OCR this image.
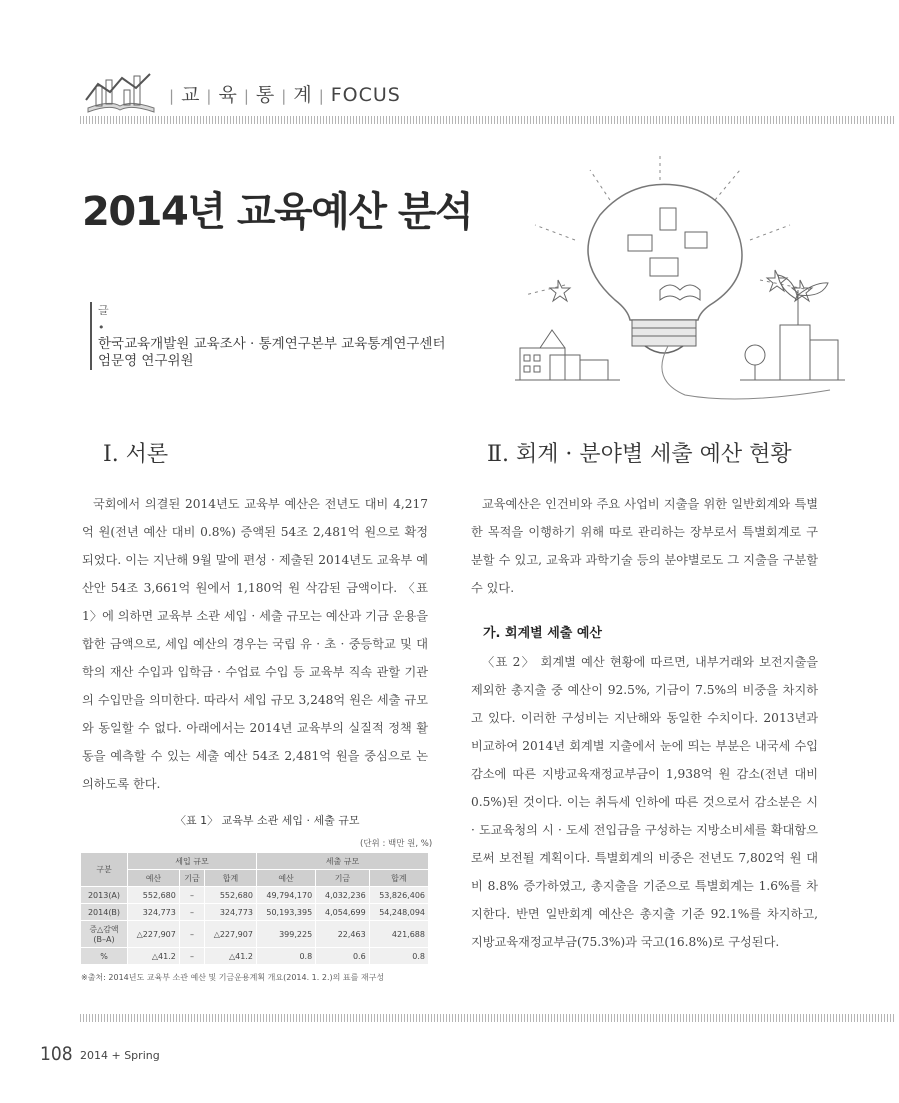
| 교 | 육 | 통 | 계 | FOCUS
2014년 교육예산 분석
글
•
한국교육개발원 교육조사 · 통계연구본부 교육통계연구센터
엄문영 연구위원
Ⅰ. 서론

국회에서 의결된 2014년도 교육부 예산은 전년도 대비 4,217억 원(전년 예산 대비 0.8%) 증액된 54조 2,481억 원으로 확정되었다. 이는 지난해 9월 말에 편성 · 제출된 2014년도 교육부 예산안 54조 3,661억 원에서 1,180억 원 삭감된 금액이다. 〈표 1〉에 의하면 교육부 소관 세입 · 세출 규모는 예산과 기금 운용을 합한 금액으로, 세입 예산의 경우는 국립 유 · 초 · 중등학교 및 대학의 재산 수입과 입학금 · 수업료 수입 등 교육부 직속 관할 기관의 수입만을 의미한다. 따라서 세입 규모 3,248억 원은 세출 규모와 동일할 수 없다. 아래에서는 2014년 교육부의 실질적 정책 활동을 예측할 수 있는 세출 예산 54조 2,481억 원을 중심으로 논의하도록 한다.

〈표 1〉 교육부 소관 세입 · 세출 규모
(단위 : 백만 원, %)
구분	세입 규모			세출 규모		
	예산	기금	합계	예산	기금	합계
2013(A)	552,680	–	552,680	49,794,170	4,032,236	53,826,406
2014(B)	324,773	–	324,773	50,193,395	4,054,699	54,248,094

증△감액
(B–A)	△227,907	–	△227,907	399,225	22,463	421,688
%	△41.2	–	△41.2	0.8	0.6	0.8
※출처: 2014년도 교육부 소관 예산 및 기금운용계획 개요(2014. 1. 2.)의 표를 재구성
Ⅱ. 회계 · 분야별 세출 예산 현황

교육예산은 인건비와 주요 사업비 지출을 위한 일반회계와 특별한 목적을 이행하기 위해 따로 관리하는 장부로서 특별회계로 구분할 수 있고, 교육과 과학기술 등의 분야별로도 그 지출을 구분할 수 있다.

가. 회계별 세출 예산

〈표 2〉 회계별 예산 현황에 따르면, 내부거래와 보전지출을 제외한 총지출 중 예산이 92.5%, 기금이 7.5%의 비중을 차지하고 있다. 이러한 구성비는 지난해와 동일한 수치이다. 2013년과 비교하여 2014년 회계별 지출에서 눈에 띄는 부분은 내국세 수입 감소에 따른 지방교육재정교부금이 1,938억 원 감소(전년 대비 0.5%)된 것이다. 이는 취득세 인하에 따른 것으로서 감소분은 시 · 도교육청의 시 · 도세 전입금을 구성하는 지방소비세를 확대함으로써 보전될 계획이다. 특별회계의 비중은 전년도 7,802억 원 대비 8.8% 증가하였고, 총지출을 기준으로 특별회계는 1.6%를 차지한다. 반면 일반회계 예산은 총지출 기준 92.1%를 차지하고, 지방교육재정교부금(75.3%)과 국고(16.8%)로 구성된다.

108 2014 + Spring
